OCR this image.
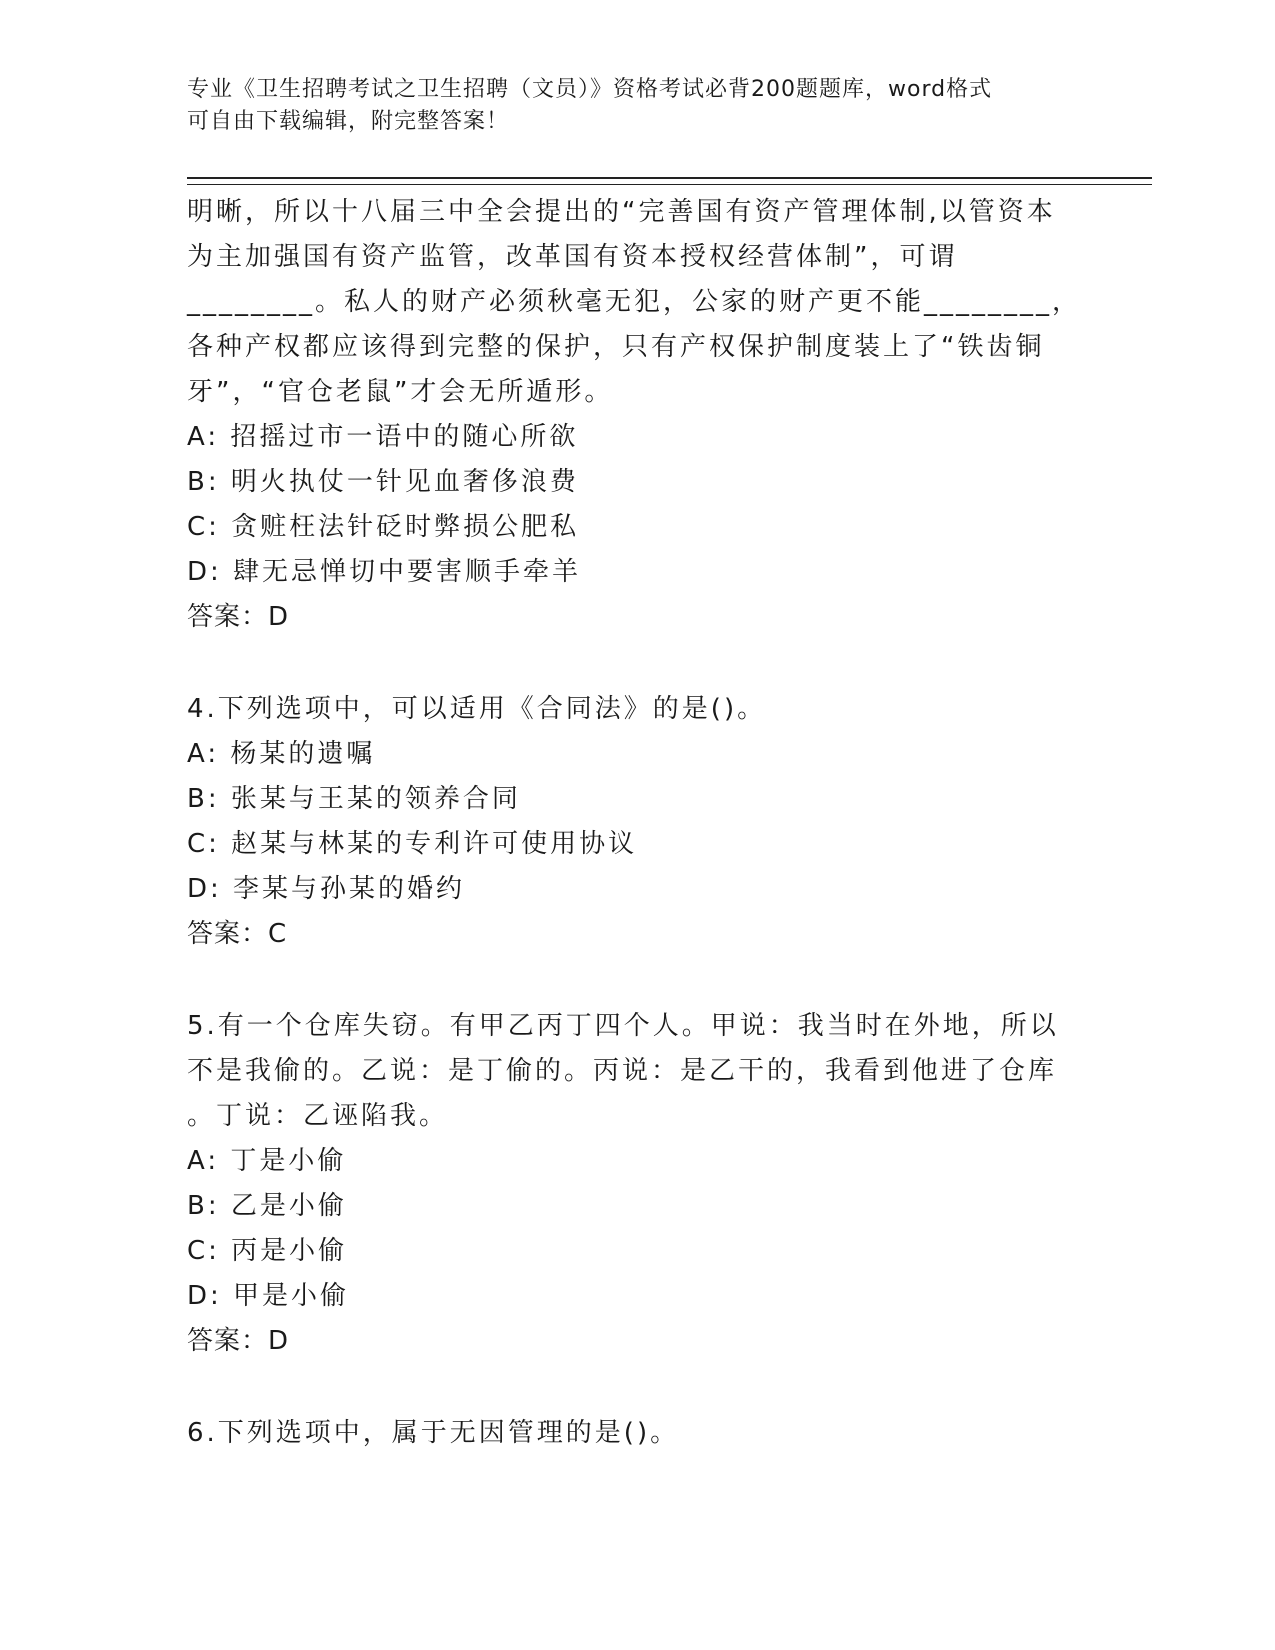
专业《卫生招聘考试之卫生招聘（文员）》资格考试必背200题题库，word格式
可自由下载编辑，附完整答案！
明晰，所以十八届三中全会提出的“完善国有资产管理体制,以管资本
为主加强国有资产监管，改革国有资本授权经营体制”，可谓
________。私人的财产必须秋毫无犯，公家的财产更不能________，
各种产权都应该得到完整的保护，只有产权保护制度装上了“铁齿铜
牙”，“官仓老鼠”才会无所遁形。
A: 招摇过市一语中的随心所欲
B: 明火执仗一针见血奢侈浪费
C: 贪赃枉法针砭时弊损公肥私
D: 肆无忌惮切中要害顺手牵羊
答案：D
4.下列选项中，可以适用《合同法》的是()。
A: 杨某的遗嘱
B: 张某与王某的领养合同
C: 赵某与林某的专利许可使用协议
D: 李某与孙某的婚约
答案：C
5.有一个仓库失窃。有甲乙丙丁四个人。甲说：我当时在外地，所以
不是我偷的。乙说：是丁偷的。丙说：是乙干的，我看到他进了仓库
。丁说：乙诬陷我。
A: 丁是小偷
B: 乙是小偷
C: 丙是小偷
D: 甲是小偷
答案：D
6.下列选项中，属于无因管理的是()。
